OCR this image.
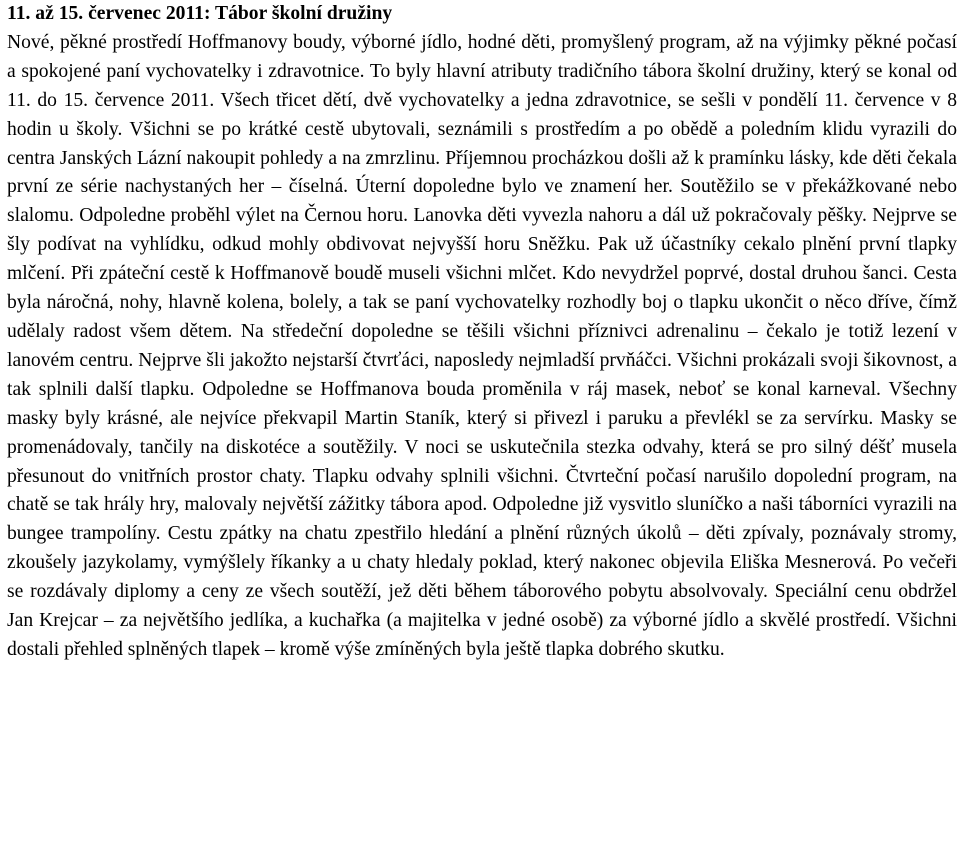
11. až 15. červenec 2011: Tábor školní družiny

Nové, pěkné prostředí Hoffmanovy boudy, výborné jídlo, hodné děti, promyšlený program, až na výjimky pěkné počasí a spokojené paní vychovatelky i zdravotnice. To byly hlavní atributy tradičního tábora školní družiny, který se konal od 11. do 15. července 2011. Všech třicet dětí, dvě vychovatelky a jedna zdravotnice, se sešli v pondělí 11. července v 8 hodin u školy. Všichni se po krátké cestě ubytovali, seznámili s prostředím a po obědě a poledním klidu vyrazili do centra Janských Lázní nakoupit pohledy a na zmrzlinu. Příjemnou procházkou došli až k pramínku lásky, kde děti čekala první ze série nachystaných her – číselná. Úterní dopoledne bylo ve znamení her. Soutěžilo se v překážkované nebo slalomu. Odpoledne proběhl výlet na Černou horu. Lanovka děti vyvezla nahoru a dál už pokračovaly pěšky. Nejprve se šly podívat na vyhlídku, odkud mohly obdivovat nejvyšší horu Sněžku. Pak už účastníky cekalo plnění první tlapky mlčení. Při zpáteční cestě k Hoffmanově boudě museli všichni mlčet. Kdo nevydržel poprvé, dostal druhou šanci. Cesta byla náročná, nohy, hlavně kolena, bolely, a tak se paní vychovatelky rozhodly boj o tlapku ukončit o něco dříve, čímž udělaly radost všem dětem. Na středeční dopoledne se těšili všichni příznivci adrenalinu – čekalo je totiž lezení v lanovém centru. Nejprve šli jakožto nejstarší čtvrťáci, naposledy nejmladší prvňáčci. Všichni prokázali svoji šikovnost, a tak splnili další tlapku. Odpoledne se Hoffmanova bouda proměnila v ráj masek, neboť se konal karneval. Všechny masky byly krásné, ale nejvíce překvapil Martin Staník, který si přivezl i paruku a převlékl se za servírku. Masky se promenádovaly, tančily na diskotéce a soutěžily. V noci se uskutečnila stezka odvahy, která se pro silný déšť musela přesunout do vnitřních prostor chaty. Tlapku odvahy splnili všichni. Čtvrteční počasí narušilo dopolední program, na chatě se tak hrály hry, malovaly největší zážitky tábora apod. Odpoledne již vysvitlo sluníčko a naši táborníci vyrazili na bungee trampolíny. Cestu zpátky na chatu zpestřilo hledání a plnění různých úkolů – děti zpívaly, poznávaly stromy, zkoušely jazykolamy, vymýšlely říkanky a u chaty hledaly poklad, který nakonec objevila Eliška Mesnerová. Po večeři se rozdávaly diplomy a ceny ze všech soutěží, jež děti během táborového pobytu absolvovaly. Speciální cenu obdržel Jan Krejcar – za největšího jedlíka, a kuchařka (a majitelka v jedné osobě) za výborné jídlo a skvělé prostředí. Všichni dostali přehled splněných tlapek – kromě výše zmíněných byla ještě tlapka dobrého skutku.
